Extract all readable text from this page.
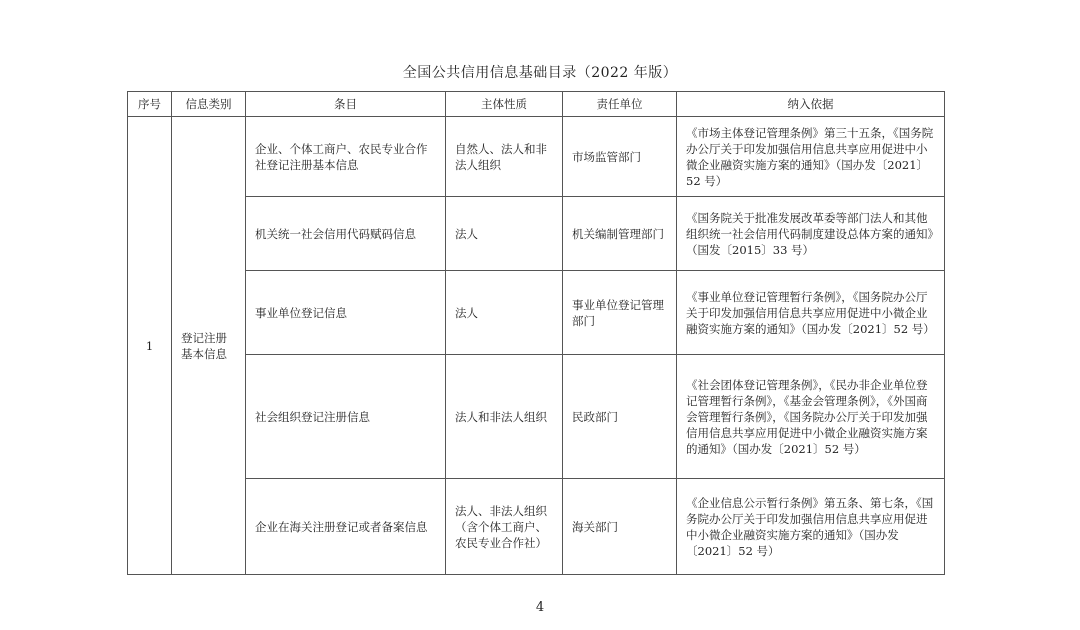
全国公共信用信息基础目录（2022 年版）
序号	信息类别	条目	主体性质	责任单位	纳入依据
1	登记注册基本信息	企业、个体工商户、农民专业合作社登记注册基本信息	自然人、法人和非法人组织	市场监管部门	《市场主体登记管理条例》第三十五条，《国务院办公厅关于印发加强信用信息共享应用促进中小微企业融资实施方案的通知》（国办发〔2021〕52 号）
		机关统一社会信用代码赋码信息	法人	机关编制管理部门	《国务院关于批准发展改革委等部门法人和其他组织统一社会信用代码制度建设总体方案的通知》（国发〔2015〕33 号）
		事业单位登记信息	法人	事业单位登记管理部门	《事业单位登记管理暂行条例》，《国务院办公厅关于印发加强信用信息共享应用促进中小微企业融资实施方案的通知》（国办发〔2021〕52 号）
		社会组织登记注册信息	法人和非法人组织	民政部门	《社会团体登记管理条例》，《民办非企业单位登记管理暂行条例》，《基金会管理条例》，《外国商会管理暂行条例》，《国务院办公厅关于印发加强信用信息共享应用促进中小微企业融资实施方案的通知》（国办发〔2021〕52 号）
		企业在海关注册登记或者备案信息	法人、非法人组织（含个体工商户、农民专业合作社）	海关部门	《企业信息公示暂行条例》第五条、第七条，《国务院办公厅关于印发加强信用信息共享应用促进中小微企业融资实施方案的通知》（国办发〔2021〕52 号）
4
